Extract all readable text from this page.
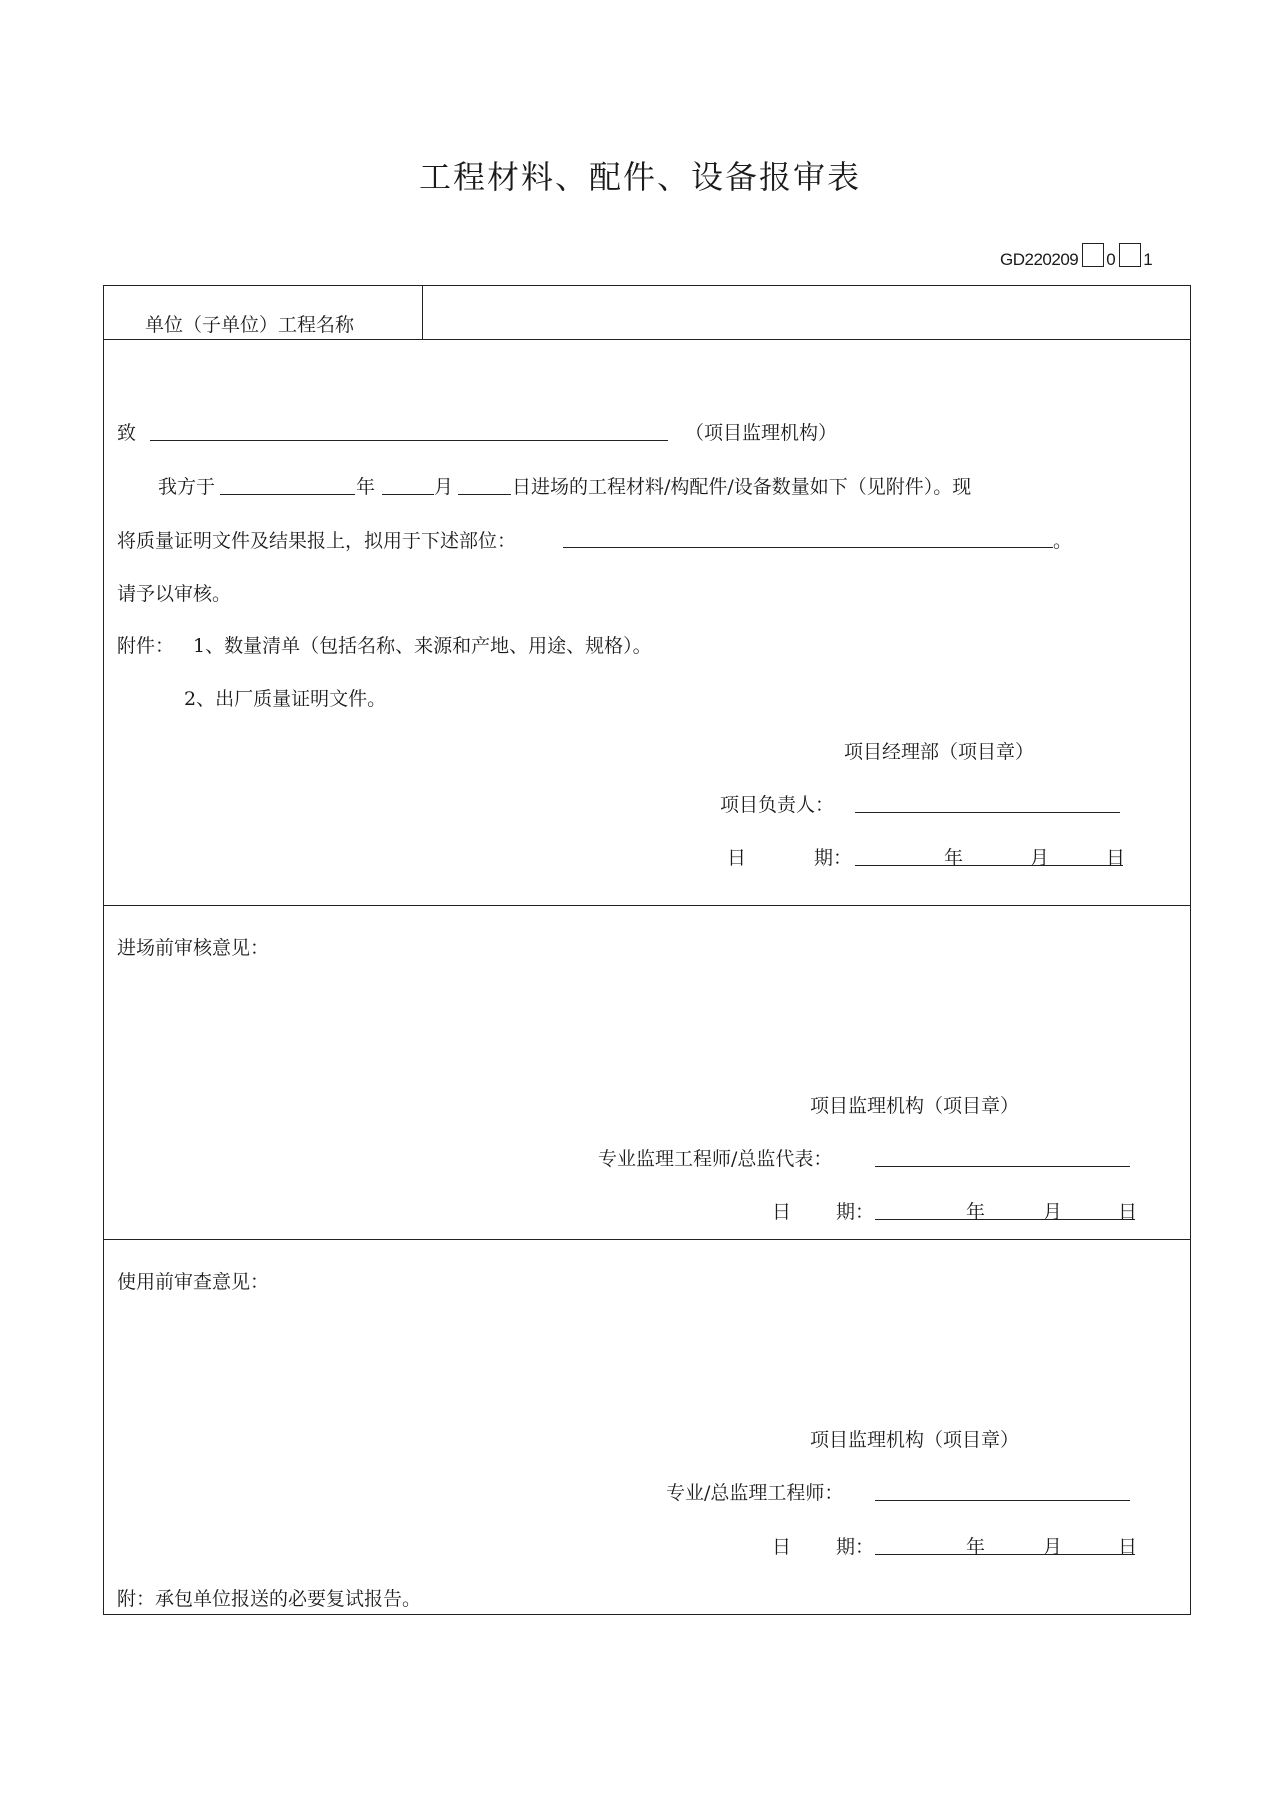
工程材料、配件、设备报审表
GD220209 0 1
单位（子单位）工程名称
致	（项目监理机构）
我方于	年	月	日进场的工程材料/构配件/设备数量如下（见附件）。现
将质量证明文件及结果报上，拟用于下述部位：	。
请予以审核。
附件： 1、数量清单（包括名称、来源和产地、用途、规格）。
2、出厂质量证明文件。
项目经理部（项目章）
项目负责人：
日	期：	年	月	日
进场前审核意见：
项目监理机构（项目章）
专业监理工程师/总监代表：
日 期：	年	月	日
使用前审查意见：
项目监理机构（项目章）
专业/总监理工程师：
日 期：	年	月	日
附：承包单位报送的必要复试报告。
